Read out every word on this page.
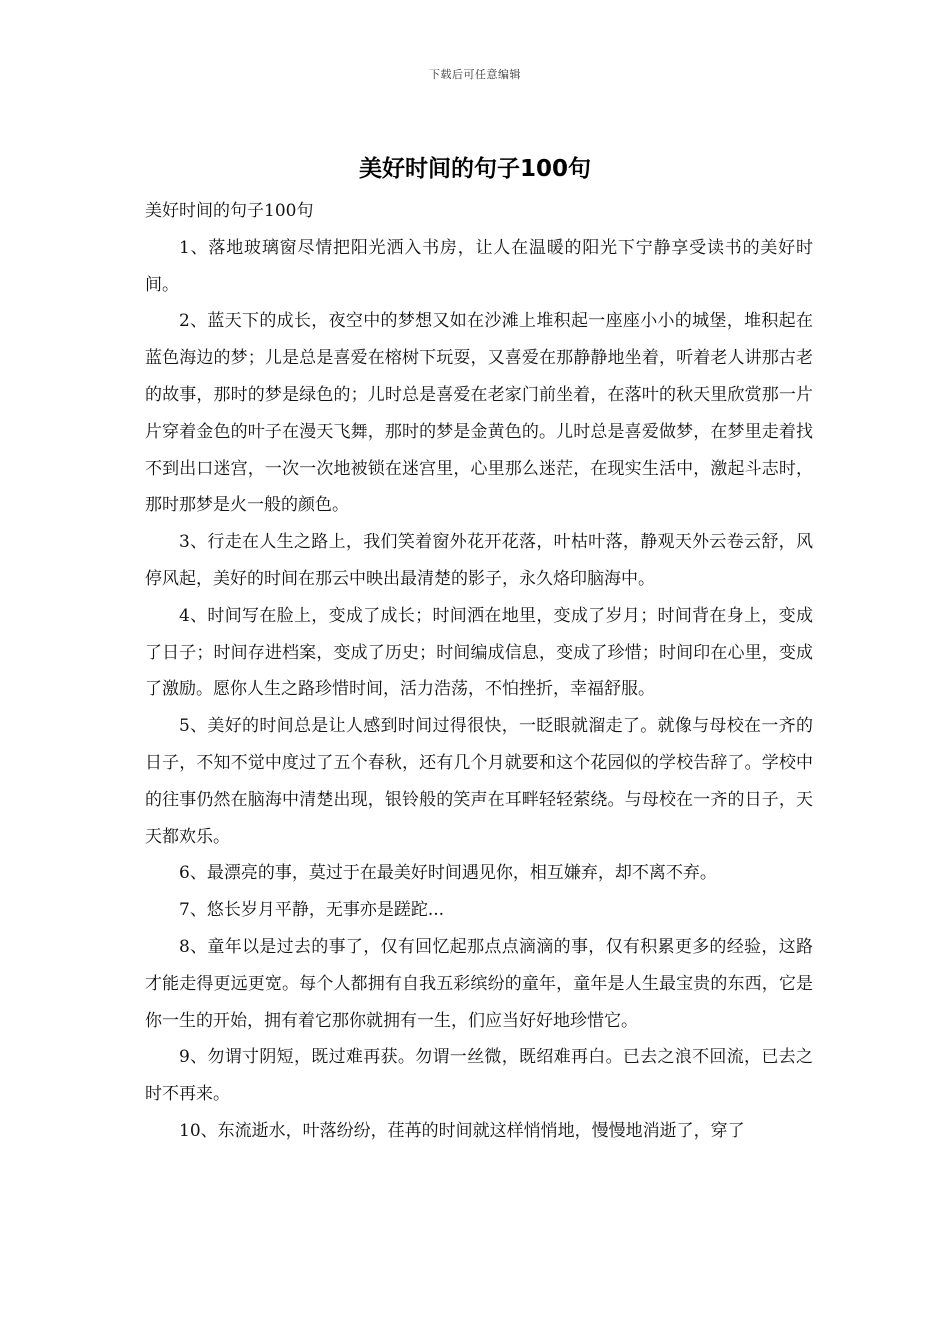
下载后可任意编辑
美好时间的句子100句

美好时间的句子100句

1、落地玻璃窗尽情把阳光洒入书房，让人在温暖的阳光下宁静享受读书的美好时间。

2、蓝天下的成长，夜空中的梦想又如在沙滩上堆积起一座座小小的城堡，堆积起在蓝色海边的梦；儿是总是喜爱在榕树下玩耍，又喜爱在那静静地坐着，听着老人讲那古老的故事，那时的梦是绿色的；儿时总是喜爱在老家门前坐着，在落叶的秋天里欣赏那一片片穿着金色的叶子在漫天飞舞，那时的梦是金黄色的。儿时总是喜爱做梦，在梦里走着找不到出口迷宫，一次一次地被锁在迷宫里，心里那么迷茫，在现实生活中，激起斗志时，那时那梦是火一般的颜色。

3、行走在人生之路上，我们笑着窗外花开花落，叶枯叶落，静观天外云卷云舒，风停风起，美好的时间在那云中映出最清楚的影子，永久烙印脑海中。

4、时间写在脸上，变成了成长；时间洒在地里，变成了岁月；时间背在身上，变成了日子；时间存进档案，变成了历史；时间编成信息，变成了珍惜；时间印在心里，变成了激励。愿你人生之路珍惜时间，活力浩荡，不怕挫折，幸福舒服。

5、美好的时间总是让人感到时间过得很快，一眨眼就溜走了。就像与母校在一齐的日子，不知不觉中度过了五个春秋，还有几个月就要和这个花园似的学校告辞了。学校中的往事仍然在脑海中清楚出现，银铃般的笑声在耳畔轻轻萦绕。与母校在一齐的日子，天天都欢乐。

6、最漂亮的事，莫过于在最美好时间遇见你，相互嫌弃，却不离不弃。

7、悠长岁月平静，无事亦是蹉跎...

8、童年以是过去的事了，仅有回忆起那点点滴滴的事，仅有积累更多的经验，这路才能走得更远更宽。每个人都拥有自我五彩缤纷的童年，童年是人生最宝贵的东西，它是你一生的开始，拥有着它那你就拥有一生，们应当好好地珍惜它。

9、勿谓寸阴短，既过难再获。勿谓一丝微，既绍难再白。已去之浪不回流，已去之时不再来。

10、东流逝水，叶落纷纷，荏苒的时间就这样悄悄地，慢慢地消逝了，穿了
